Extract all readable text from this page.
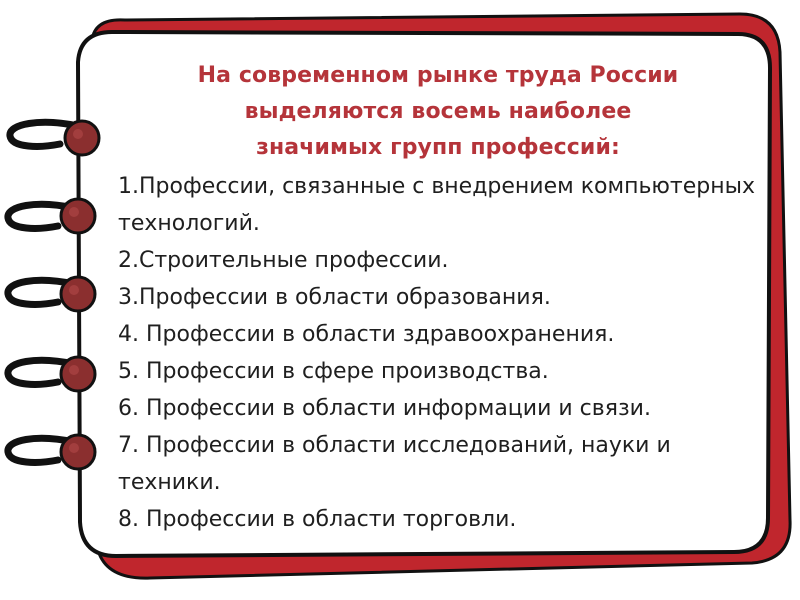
На современном рынке труда России
выделяются восемь наиболее
значимых групп профессий:
1.Профессии, связанные с внедрением компьютерных технологий.
2.Строительные профессии.
3.Профессии в области образования.
4. Профессии в области здравоохранения.
5. Профессии в сфере производства.
6. Профессии в области информации и связи.
7. Профессии в области исследований, науки и техники.
8. Профессии в области торговли.
